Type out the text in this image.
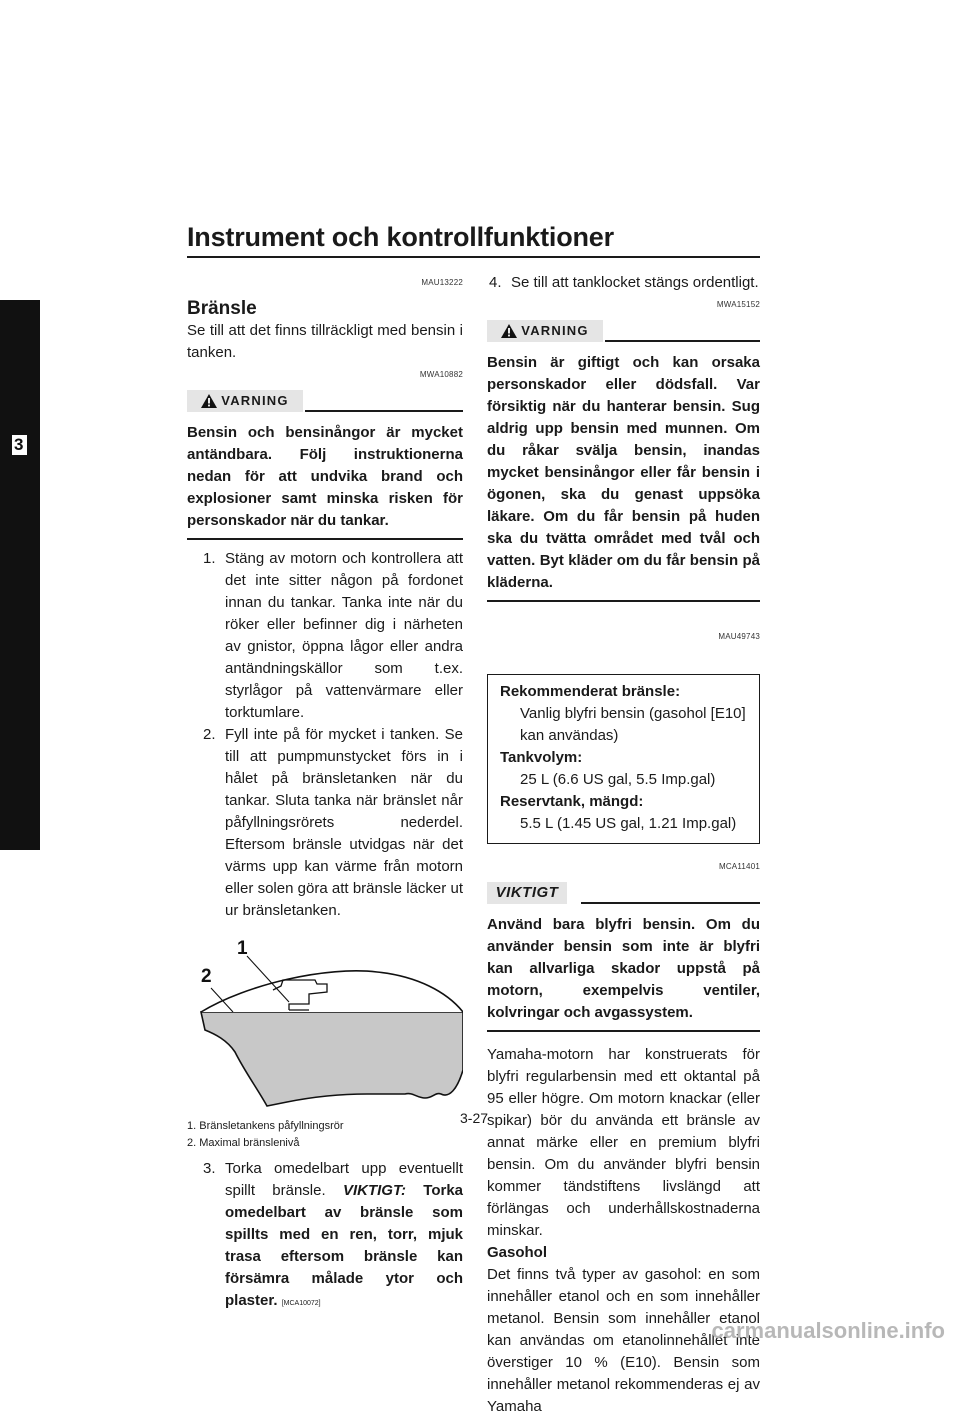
Instrument och kontrollfunktioner
3
MAU13222
Bränsle
Se till att det finns tillräckligt med bensin i tanken.
MWA10882
VARNING
Bensin och bensinångor är mycket antändbara. Följ instruktionerna nedan för att undvika brand och explosioner samt minska risken för personskador när du tankar.
1. Stäng av motorn och kontrollera att det inte sitter någon på fordonet innan du tankar. Tanka inte när du röker eller befinner dig i närheten av gnistor, öppna lågor eller andra antändningskällor som t.ex. styrlågor på vattenvärmare eller torktumlare.
2. Fyll inte på för mycket i tanken. Se till att pumpmunstycket förs in i hålet på bränsletanken när du tankar. Sluta tanka när bränslet når påfyllningsrörets nederdel. Eftersom bränsle utvidgas när det värms upp kan värme från motorn eller solen göra att bränsle läcker ut ur bränsletanken.
1
2
1. Bränsletankens påfyllningsrör
2. Maximal bränslenivå
3. Torka omedelbart upp eventuellt spillt bränsle. VIKTIGT: Torka omedelbart av bränsle som spillts med en ren, torr, mjuk trasa eftersom bränsle kan försämra målade ytor och plaster. [MCA10072]
4. Se till att tanklocket stängs ordentligt.
MWA15152
VARNING
Bensin är giftigt och kan orsaka personskador eller dödsfall. Var försiktig när du hanterar bensin. Sug aldrig upp bensin med munnen. Om du råkar svälja bensin, inandas mycket bensinångor eller får bensin i ögonen, ska du genast uppsöka läkare. Om du får bensin på huden ska du tvätta området med tvål och vatten. Byt kläder om du får bensin på kläderna.
MAU49743
Rekommenderat bränsle:
Vanlig blyfri bensin (gasohol [E10] kan användas)
Tankvolym:
25 L (6.6 US gal, 5.5 Imp.gal)
Reservtank, mängd:
5.5 L (1.45 US gal, 1.21 Imp.gal)
MCA11401
VIKTIGT
Använd bara blyfri bensin. Om du använder bensin som inte är blyfri kan allvarliga skador uppstå på motorn, exempelvis ventiler, kolvringar och avgassystem.
Yamaha-motorn har konstruerats för blyfri regularbensin med ett oktantal på 95 eller högre. Om motorn knackar (eller spikar) bör du använda ett bränsle av annat märke eller en premium blyfri bensin. Om du använder blyfri bensin kommer tändstiftens livslängd att förlängas och underhållskostnaderna minskar.
Gasohol
Det finns två typer av gasohol: en som innehåller etanol och en som innehåller metanol. Bensin som innehåller etanol kan användas om etanolinnehållet inte överstiger 10 % (E10). Bensin som innehåller metanol rekommenderas ej av Yamaha
3-27
carmanualsonline.info
